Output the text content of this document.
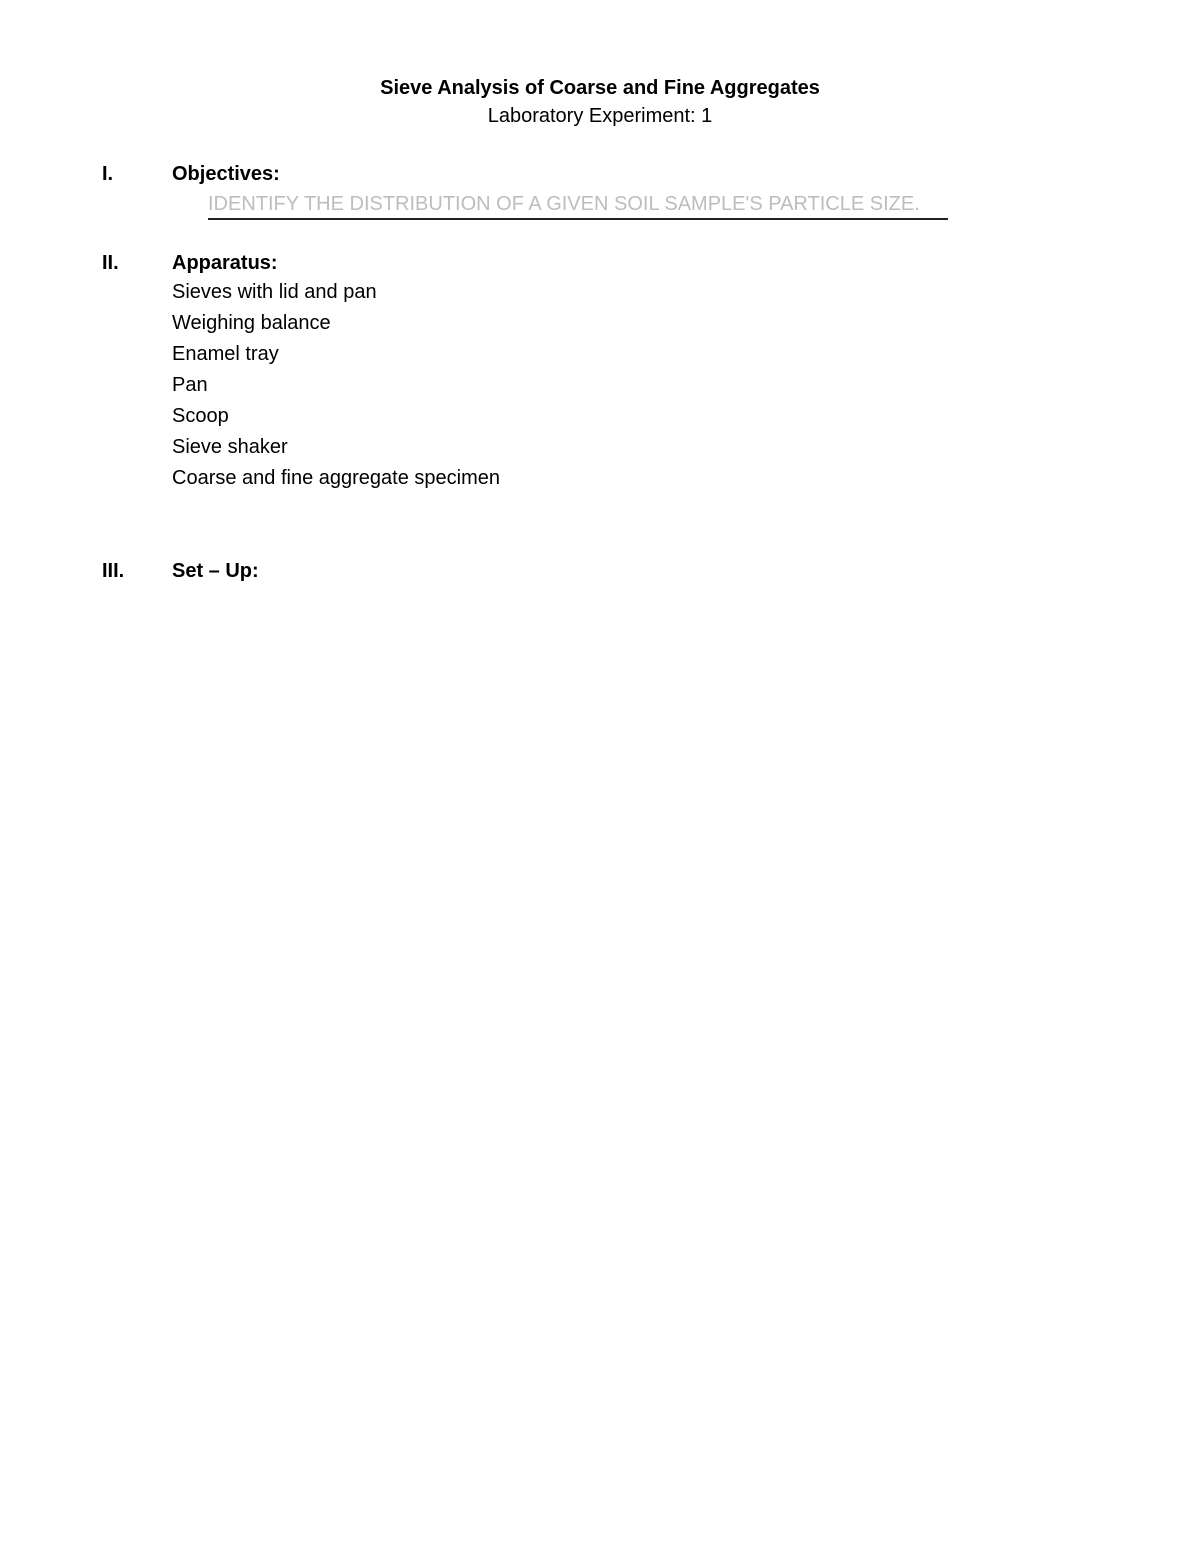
Sieve Analysis of Coarse and Fine Aggregates
Laboratory Experiment: 1
I.	Objectives:
IDENTIFY THE DISTRIBUTION OF A GIVEN SOIL SAMPLE'S PARTICLE SIZE.
II.	Apparatus:
Sieves with lid and pan
Weighing balance
Enamel tray
Pan
Scoop
Sieve shaker
Coarse and fine aggregate specimen
III. Set – Up:
